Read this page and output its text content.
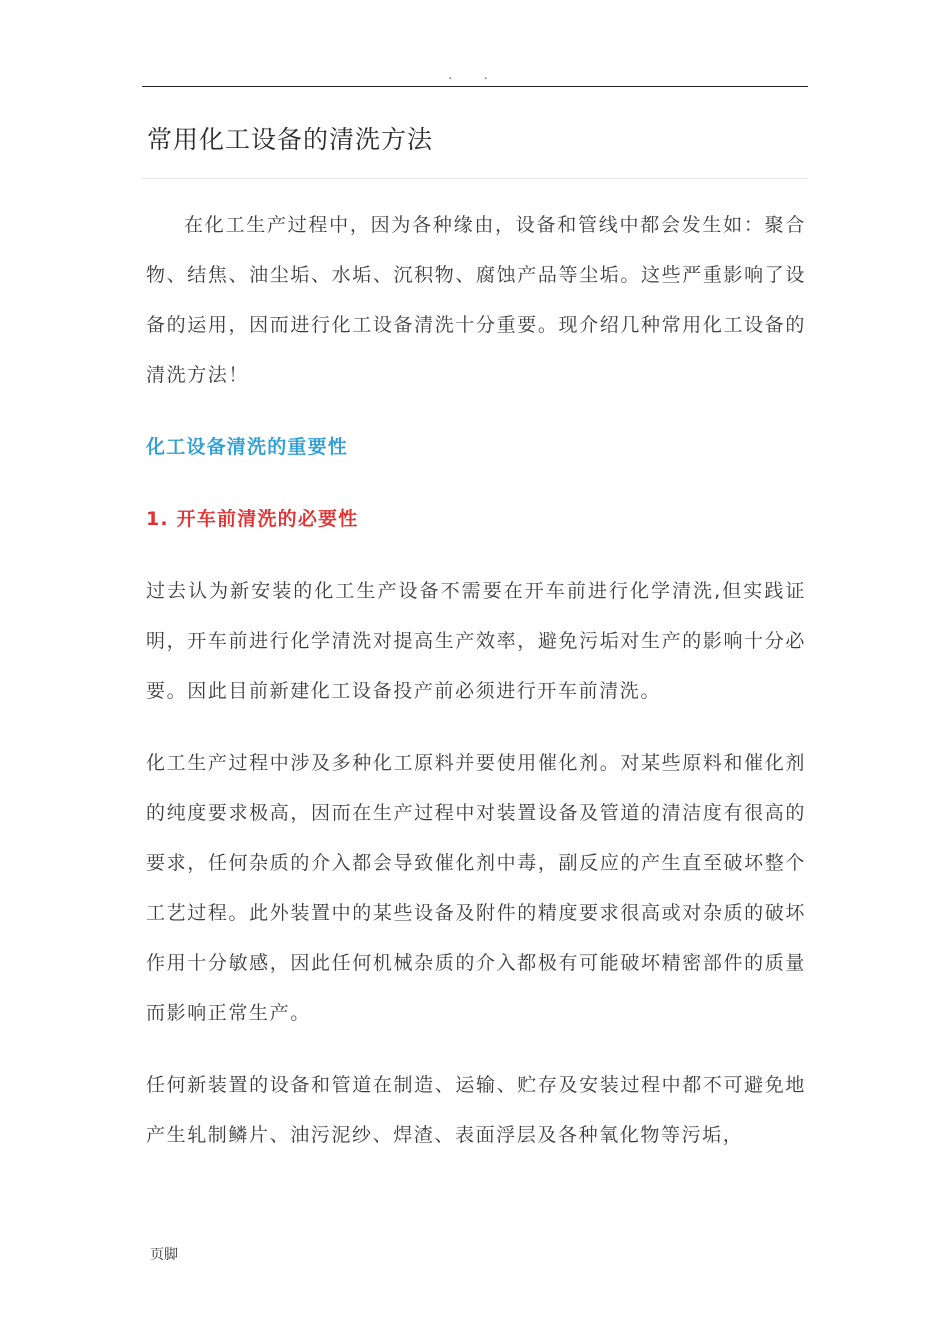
. .
常用化工设备的清洗方法

在化工生产过程中，因为各种缘由，设备和管线中都会发生如：聚合物、结焦、油尘垢、水垢、沉积物、腐蚀产品等尘垢。这些严重影响了设备的运用，因而进行化工设备清洗十分重要。现介绍几种常用化工设备的清洗方法！

化工设备清洗的重要性

1. 开车前清洗的必要性

过去认为新安装的化工生产设备不需要在开车前进行化学清洗,但实践证明，开车前进行化学清洗对提高生产效率，避免污垢对生产的影响十分必要。因此目前新建化工设备投产前必须进行开车前清洗。

化工生产过程中涉及多种化工原料并要使用催化剂。对某些原料和催化剂的纯度要求极高，因而在生产过程中对装置设备及管道的清洁度有很高的要求，任何杂质的介入都会导致催化剂中毒，副反应的产生直至破坏整个工艺过程。此外装置中的某些设备及附件的精度要求很高或对杂质的破坏作用十分敏感，因此任何机械杂质的介入都极有可能破坏精密部件的质量而影响正常生产。

任何新装置的设备和管道在制造、运输、贮存及安装过程中都不可避免地产生轧制鳞片、油污泥纱、焊渣、表面浮层及各种氧化物等污垢，

页脚
